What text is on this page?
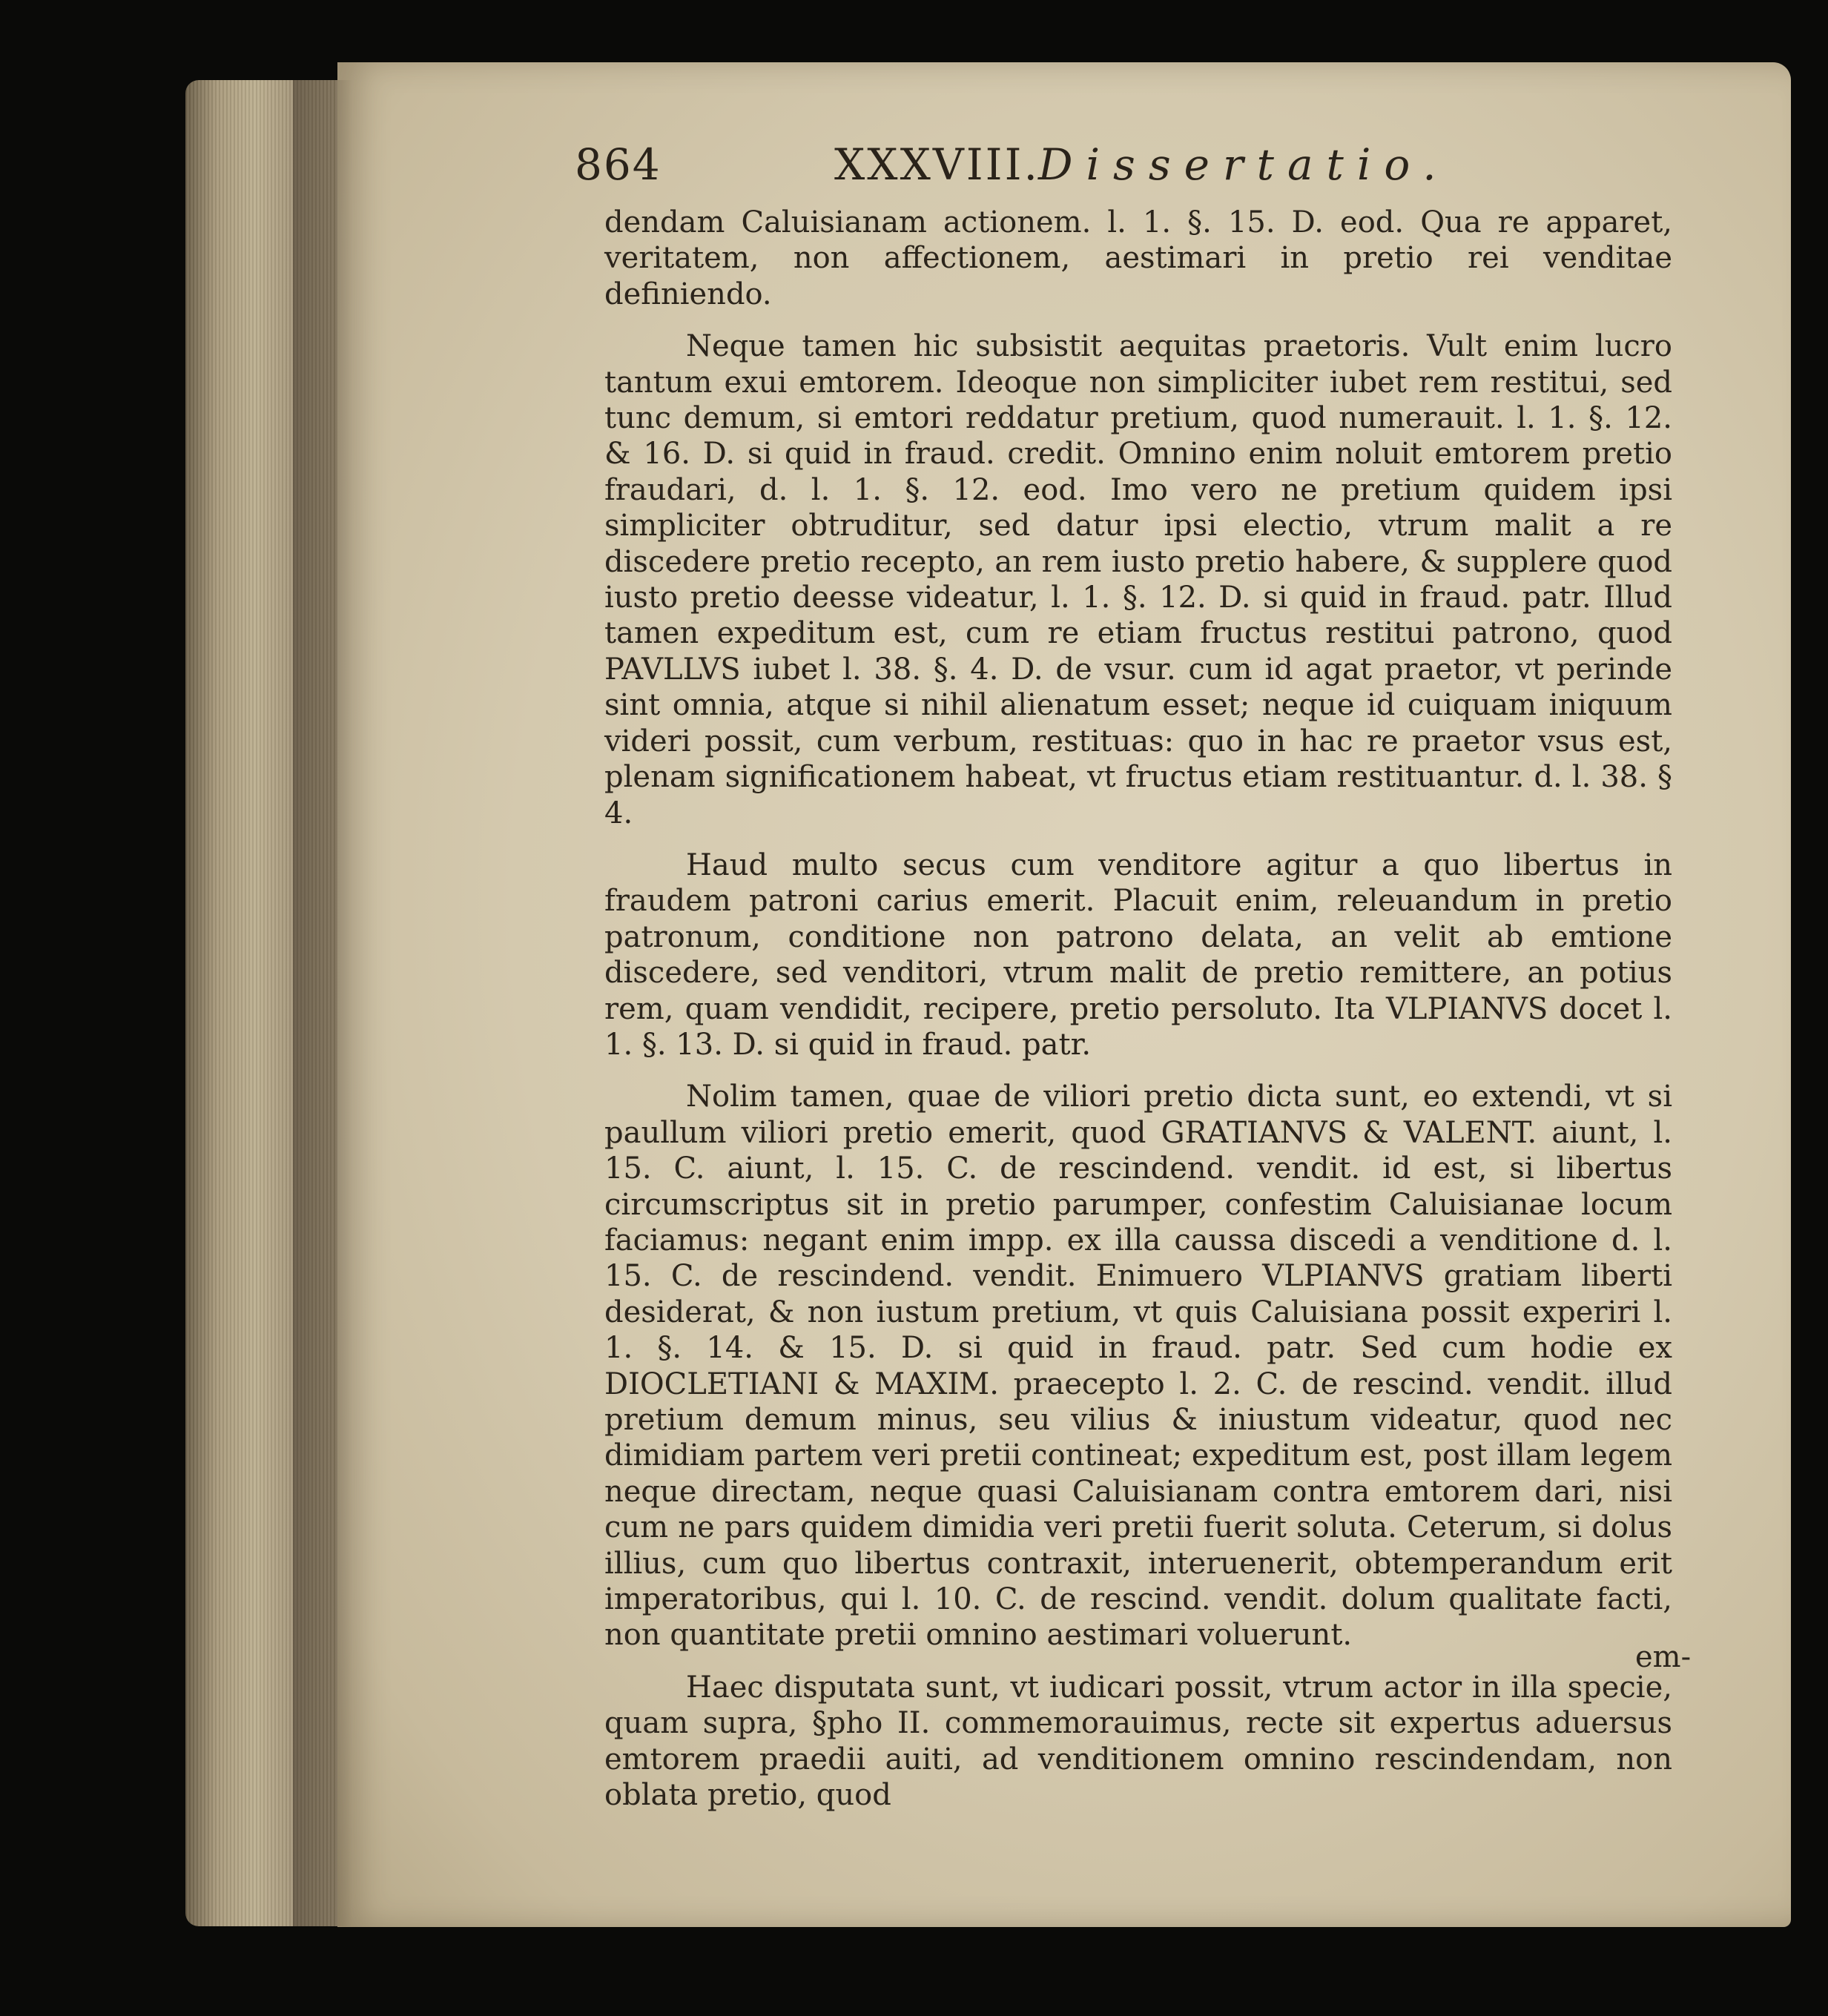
864	XXXVIII.
Dissertatio.

dendam Caluisianam actionem. l. 1. §. 15. D. eod. Qua re apparet, veritatem, non affectionem, aestimari in pretio rei venditae definiendo.

Neque tamen hic subsistit aequitas praetoris. Vult enim lucro tantum exui emtorem. Ideoque non simpliciter iubet rem restitui, sed tunc demum, si emtori reddatur pretium, quod numerauit. l. 1. §. 12. & 16. D. si quid in fraud. credit. Omnino enim noluit emtorem pretio fraudari, d. l. 1. §. 12. eod. Imo vero ne pretium quidem ipsi simpliciter obtruditur, sed datur ipsi electio, vtrum malit a re discedere pretio recepto, an rem iusto pretio habere, & supplere quod iusto pretio deesse videatur, l. 1. §. 12. D. si quid in fraud. patr. Illud tamen expeditum est, cum re etiam fructus restitui patrono, quod PAVLLVS iubet l. 38. §. 4. D. de vsur. cum id agat praetor, vt perinde sint omnia, atque si nihil alienatum esset; neque id cuiquam iniquum videri possit, cum verbum, restituas: quo in hac re praetor vsus est, plenam significationem habeat, vt fructus etiam restituantur. d. l. 38. § 4.

Haud multo secus cum venditore agitur a quo libertus in fraudem patroni carius emerit. Placuit enim, releuandum in pretio patronum, conditione non patrono delata, an velit ab emtione discedere, sed venditori, vtrum malit de pretio remittere, an potius rem, quam vendidit, recipere, pretio persoluto. Ita VLPIANVS docet l. 1. §. 13. D. si quid in fraud. patr.

Nolim tamen, quae de viliori pretio dicta sunt, eo extendi, vt si paullum viliori pretio emerit, quod GRATIANVS & VALENT. aiunt, l. 15. C. aiunt, l. 15. C. de rescindend. vendit. id est, si libertus circumscriptus sit in pretio parumper, confestim Caluisianae locum faciamus: negant enim impp. ex illa caussa discedi a venditione d. l. 15. C. de rescindend. vendit. Enimuero VLPIANVS gratiam liberti desiderat, & non iustum pretium, vt quis Caluisiana possit experiri l. 1. §. 14. & 15. D. si quid in fraud. patr. Sed cum hodie ex DIOCLETIANI & MAXIM. praecepto l. 2. C. de rescind. vendit. illud pretium demum minus, seu vilius & iniustum videatur, quod nec dimidiam partem veri pretii contineat; expeditum est, post illam legem neque directam, neque quasi Caluisianam contra emtorem dari, nisi cum ne pars quidem dimidia veri pretii fuerit soluta. Ceterum, si dolus illius, cum quo libertus contraxit, interuenerit, obtemperandum erit imperatoribus, qui l. 10. C. de rescind. vendit. dolum qualitate facti, non quantitate pretii omnino aestimari voluerunt.

Haec disputata sunt, vt iudicari possit, vtrum actor in illa specie, quam supra, §pho II. commemorauimus, recte sit expertus aduersus emtorem praedii auiti, ad venditionem omnino rescindendam, non oblata pretio, quod

em-
